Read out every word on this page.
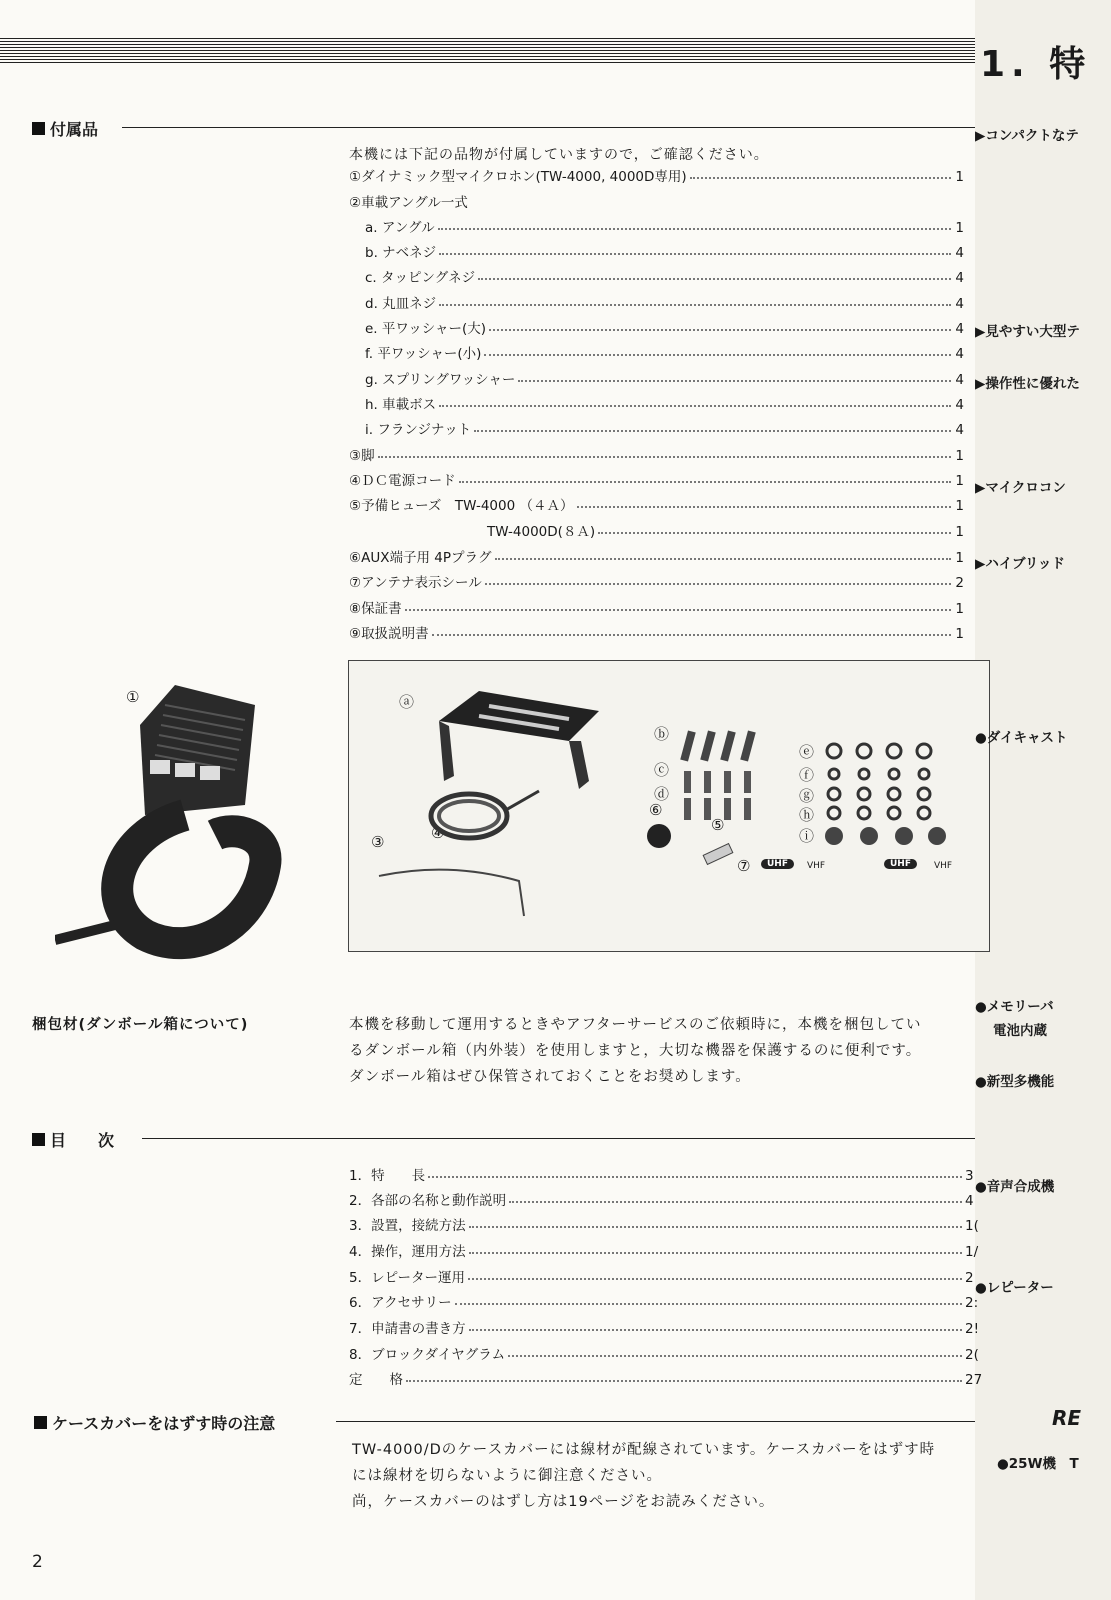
1. 特
付属品
本機には下記の品物が付属していますので，ご確認ください。
①ダイナミック型マイクロホン(TW-4000, 4000D専用)	1
②車載アングル一式
a. アングル	1
b. ナベネジ	4
c. タッピングネジ	4
d. 丸皿ネジ	4
e. 平ワッシャー(大)	4
f. 平ワッシャー(小)	4
g. スプリングワッシャー	4
h. 車載ボス	4
i. フランジナット	4
③脚	1
④ＤＣ電源コード	1
⑤予備ヒューズ　TW-4000 （４Ａ）	1
TW-4000D(８Ａ)	1
⑥AUX端子用 4Pプラグ	1
⑦アンテナ表示シール	2
⑧保証書	1
⑨取扱説明書	1
①	ⓐ
④
③
ⓑ
ⓒ
ⓓ
⑥
⑤
ⓔ
ⓕ
ⓖ
ⓗ
ⓘ
⑦	UHF	VHF	UHF	VHF
梱包材(ダンボール箱について)	本機を移動して運用するときやアフターサービスのご依頼時に，本機を梱包してい
るダンボール箱（内外装）を使用しますと，大切な機器を保護するのに便利です。
ダンボール箱はぜひ保管されておくことをお奨めします。
目　　次
1．特　　長	3
2．各部の名称と動作説明	4
3．設置，接続方法	1(
4．操作，運用方法	1/
5．レピーター運用	2
6．アクセサリー	2:
7．申請書の書き方	2!
8．ブロックダイヤグラム	2(
定　　格	27
ケースカバーをはずす時の注意
TW-4000/Dのケースカバーには線材が配線されています。ケースカバーをはずす時
には線材を切らないように御注意ください。
尚，ケースカバーのはずし方は19ページをお読みください。
▶コンパクトなテ
▶見やすい大型テ
▶操作性に優れた
▶マイクロコン
▶ハイブリッド
●ダイキャスト
●メモリーバ
電池内蔵
●新型多機能
●音声合成機
●レピーター
RE
●25W機　T
2
